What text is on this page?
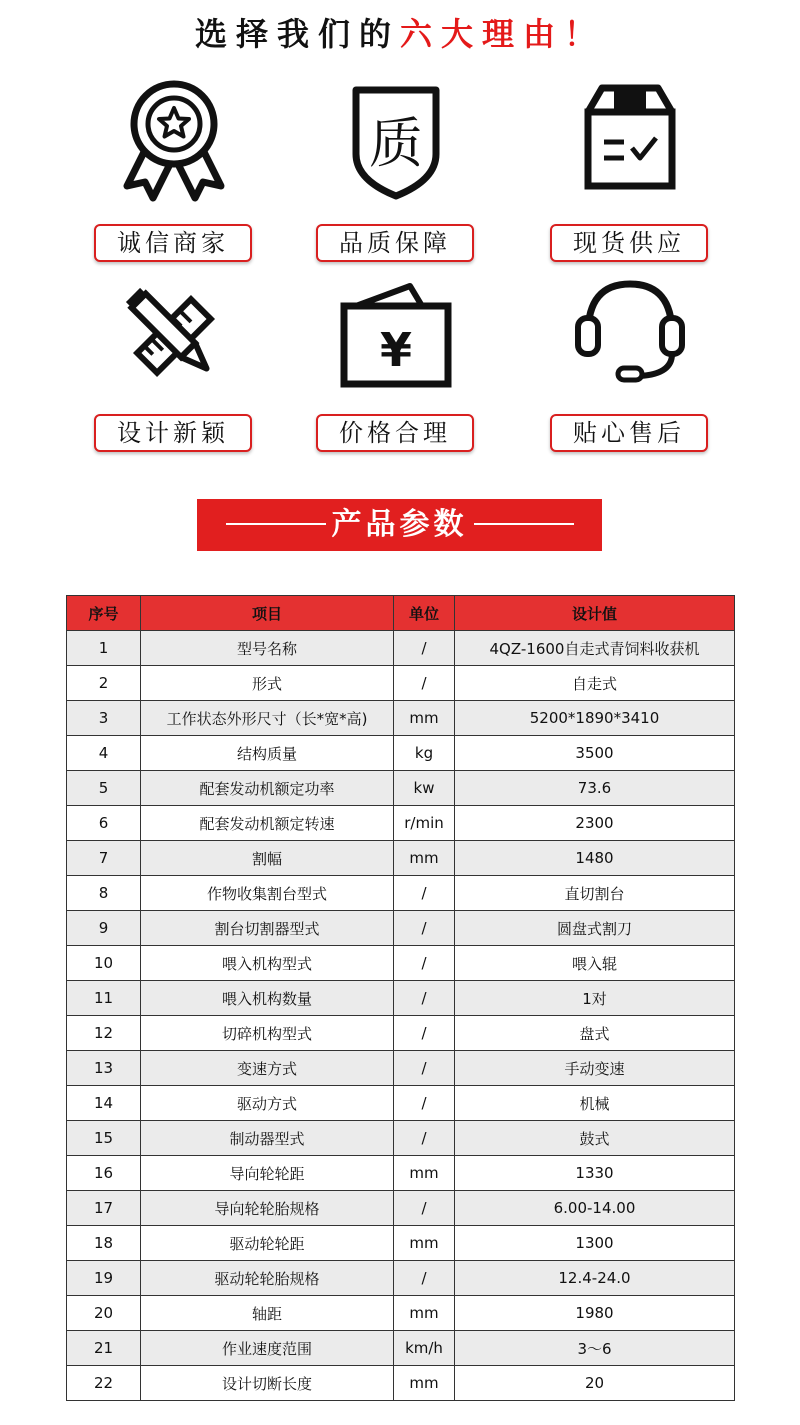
选择我们的六大理由！
诚信商家
质
品质保障	现货供应
设计新颖
¥
价格合理	贴心售后
产品参数
序号	项目	单位	设计值
1	型号名称	/	4QZ-1600自走式青饲料收获机
2	形式	/	自走式
3	工作状态外形尺寸（长*宽*高)	mm	5200*1890*3410
4	结构质量	kg	3500
5	配套发动机额定功率	kw	73.6
6	配套发动机额定转速	r/min	2300
7	割幅	mm	1480
8	作物收集割台型式	/	直切割台
9	割台切割器型式	/	圆盘式割刀
10	喂入机构型式	/	喂入辊
11	喂入机构数量	/	1对
12	切碎机构型式	/	盘式
13	变速方式	/	手动变速
14	驱动方式	/	机械
15	制动器型式	/	鼓式
16	导向轮轮距	mm	1330
17	导向轮轮胎规格	/	6.00-14.00
18	驱动轮轮距	mm	1300
19	驱动轮轮胎规格	/	12.4-24.0
20	轴距	mm	1980
21	作业速度范围	km/h	3～6
22	设计切断长度	mm	20
